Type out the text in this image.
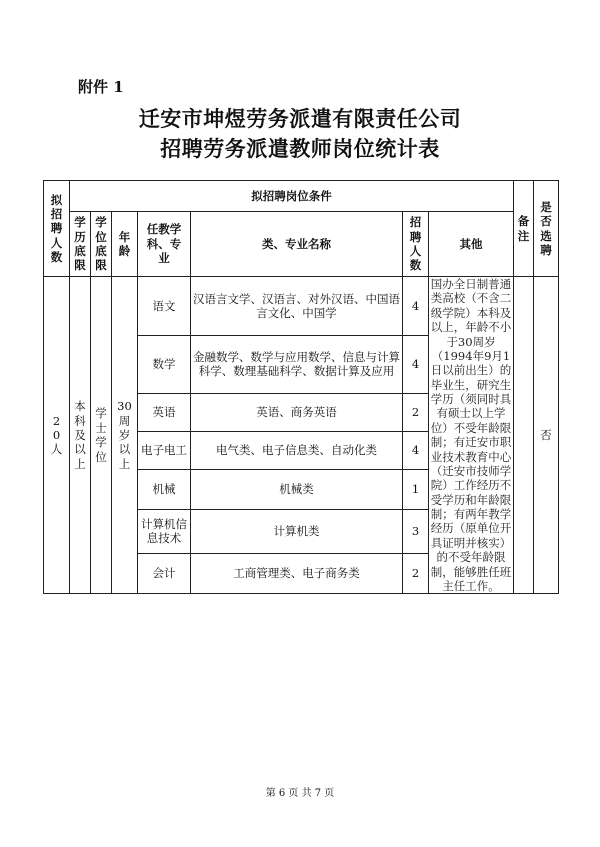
附件 1
迁安市坤煜劳务派遣有限责任公司
招聘劳务派遣教师岗位统计表
拟招聘人数	拟招聘岗位条件							备注	是否选聘
	学历底限	学位底限	年龄	任教学科、专业	类、专业名称	招聘人数	其他		
20人	本科及以上	学士学位	30周岁以上	语文	汉语言文学、汉语言、对外汉语、中国语言文化、中国学	4	国办全日制普通类高校（不含二级学院）本科及以上，年龄不小于30周岁（1994年9月1日以前出生）的毕业生，研究生学历（须同时具有硕士以上学位）不受年龄限制；有迁安市职业技术教育中心（迁安市技师学院）工作经历不受学历和年龄限制；有两年教学经历（原单位开具证明并核实）的不受年龄限制，能够胜任班主任工作。		否
				数学	金融数学、数学与应用数学、信息与计算科学、数理基础科学、数据计算及应用	4			
				英语	英语、商务英语	2			
				电子电工	电气类、电子信息类、自动化类	4			
				机械	机械类	1			
				计算机信息技术	计算机类	3			
				会计	工商管理类、电子商务类	2			
第 6 页 共 7 页
